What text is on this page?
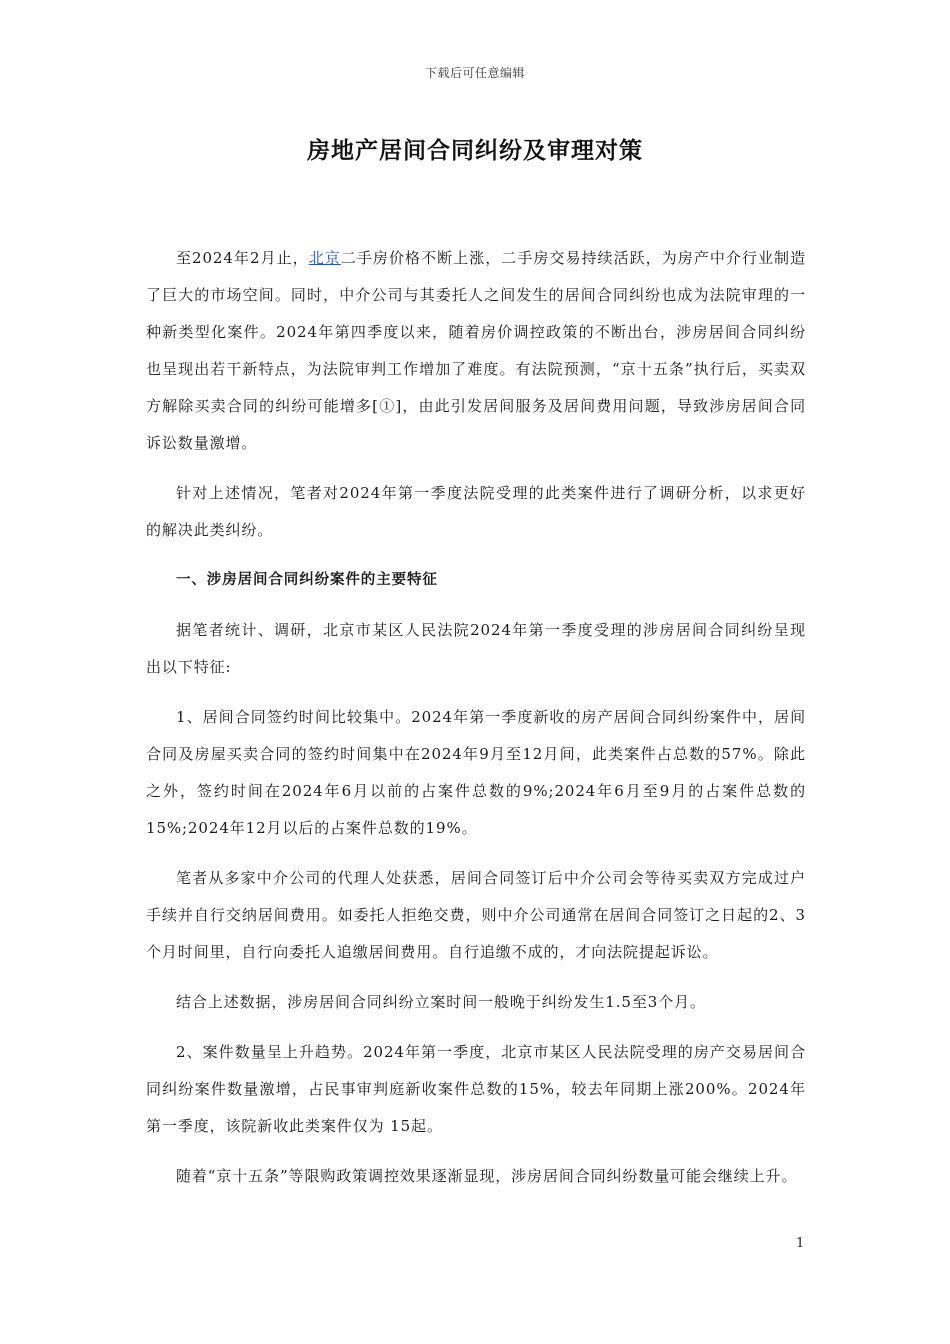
下载后可任意编辑
房地产居间合同纠纷及审理对策

至2024年2月止，北京二手房价格不断上涨，二手房交易持续活跃，为房产中介行业制造了巨大的市场空间。同时，中介公司与其委托人之间发生的居间合同纠纷也成为法院审理的一种新类型化案件。2024年第四季度以来，随着房价调控政策的不断出台，涉房居间合同纠纷也呈现出若干新特点，为法院审判工作增加了难度。有法院预测，“京十五条”执行后，买卖双方解除买卖合同的纠纷可能增多[①]，由此引发居间服务及居间费用问题，导致涉房居间合同诉讼数量激增。

针对上述情况，笔者对2024年第一季度法院受理的此类案件进行了调研分析，以求更好的解决此类纠纷。

一、涉房居间合同纠纷案件的主要特征

据笔者统计、调研，北京市某区人民法院2024年第一季度受理的涉房居间合同纠纷呈现出以下特征:

1、居间合同签约时间比较集中。2024年第一季度新收的房产居间合同纠纷案件中，居间合同及房屋买卖合同的签约时间集中在2024年9月至12月间，此类案件占总数的57%。除此之外，签约时间在2024年6月以前的占案件总数的9%;2024年6月至9月的占案件总数的15%;2024年12月以后的占案件总数的19%。

笔者从多家中介公司的代理人处获悉，居间合同签订后中介公司会等待买卖双方完成过户手续并自行交纳居间费用。如委托人拒绝交费，则中介公司通常在居间合同签订之日起的2、3个月时间里，自行向委托人追缴居间费用。自行追缴不成的，才向法院提起诉讼。

结合上述数据，涉房居间合同纠纷立案时间一般晚于纠纷发生1.5至3个月。

2、案件数量呈上升趋势。2024年第一季度，北京市某区人民法院受理的房产交易居间合同纠纷案件数量激增，占民事审判庭新收案件总数的15%，较去年同期上涨200%。2024年第一季度，该院新收此类案件仅为 15起。

随着“京十五条”等限购政策调控效果逐渐显现，涉房居间合同纠纷数量可能会继续上升。

1
